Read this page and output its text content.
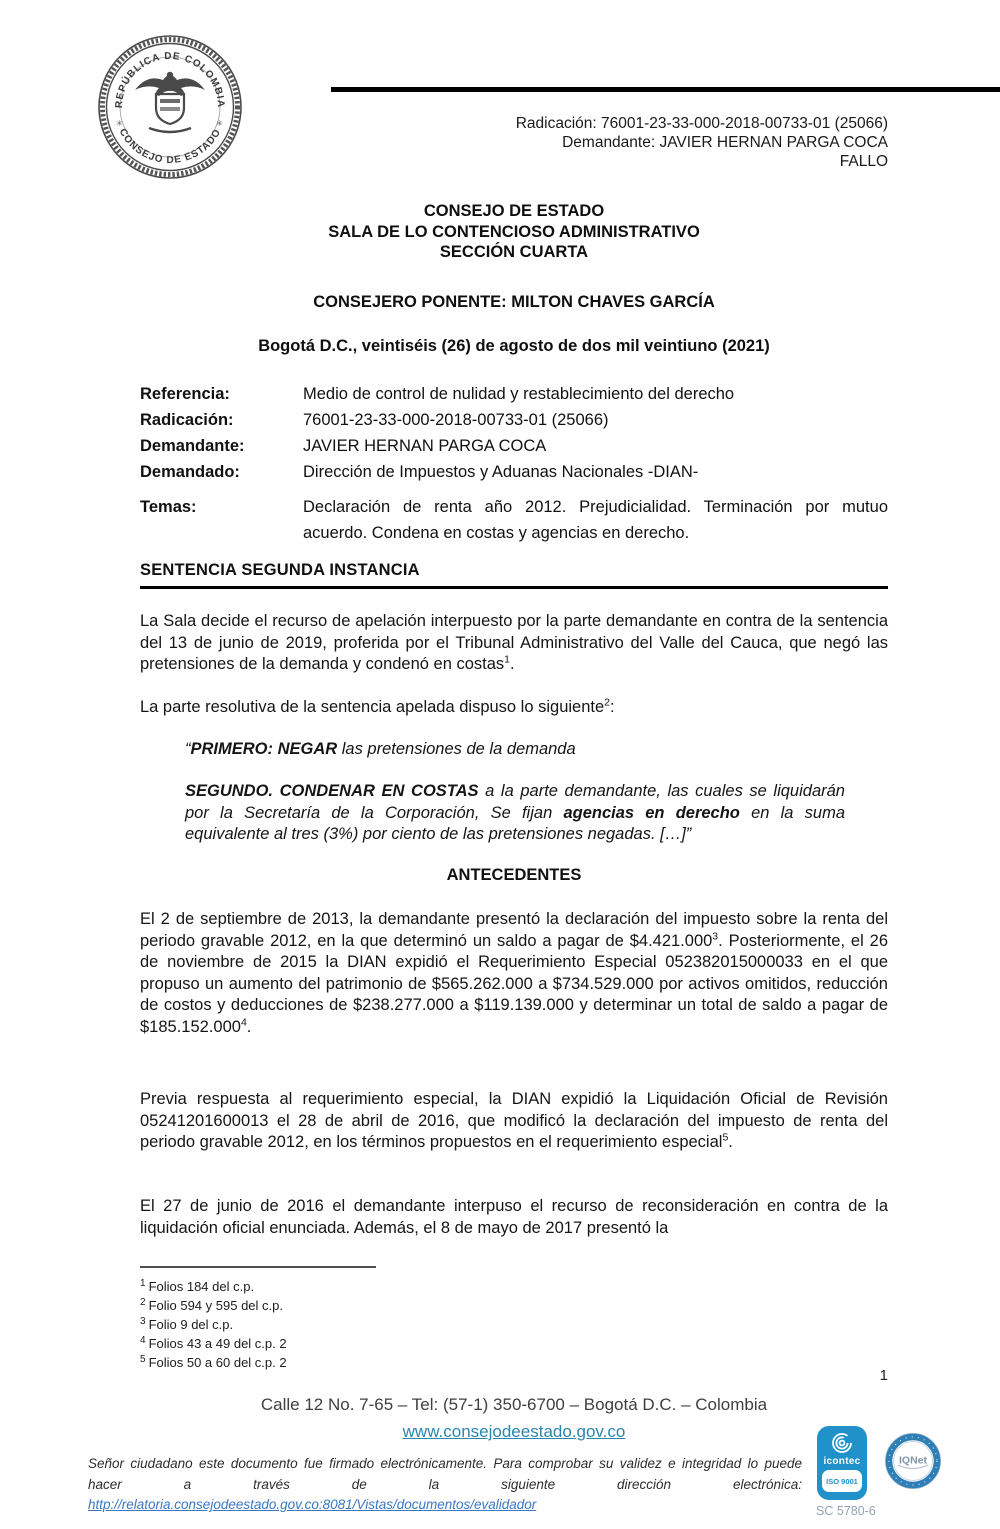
REPÚBLICA DE COLOMBIA
CONSEJO DE ESTADO
✳	✳	Radicación: 76001-23-33-000-2018-00733-01 (25066)
Demandante: JAVIER HERNAN PARGA COCA
FALLO
CONSEJO DE ESTADO
SALA DE LO CONTENCIOSO ADMINISTRATIVO
SECCIÓN CUARTA
CONSEJERO PONENTE: MILTON CHAVES GARCÍA
Bogotá D.C., veintiséis (26) de agosto de dos mil veintiuno (2021)
Referencia:	Medio de control de nulidad y restablecimiento del derecho
Radicación:	76001-23-33-000-2018-00733-01 (25066)
Demandante:	JAVIER HERNAN PARGA COCA
Demandado:	Dirección de Impuestos y Aduanas Nacionales -DIAN-
Temas:	Declaración de renta año 2012. Prejudicialidad. Terminación por mutuo acuerdo. Condena en costas y agencias en derecho.
SENTENCIA SEGUNDA INSTANCIA
La Sala decide el recurso de apelación interpuesto por la parte demandante en contra de la sentencia del 13 de junio de 2019, proferida por el Tribunal Administrativo del Valle del Cauca, que negó las pretensiones de la demanda y condenó en costas$^1$.
La parte resolutiva de la sentencia apelada dispuso lo siguiente$^2$:
“PRIMERO: NEGAR las pretensiones de la demanda
SEGUNDO. CONDENAR EN COSTAS a la parte demandante, las cuales se liquidarán por la Secretaría de la Corporación, Se fijan agencias en derecho en la suma equivalente al tres (3%) por ciento de las pretensiones negadas. […]”
ANTECEDENTES
El 2 de septiembre de 2013, la demandante presentó la declaración del impuesto sobre la renta del periodo gravable 2012, en la que determinó un saldo a pagar de $4.421.000$^3$. Posteriormente, el 26 de noviembre de 2015 la DIAN expidió el Requerimiento Especial 052382015000033 en el que propuso un aumento del patrimonio de $565.262.000 a $734.529.000 por activos omitidos, reducción de costos y deducciones de $238.277.000 a $119.139.000 y determinar un total de saldo a pagar de $185.152.000$^4$.
Previa respuesta al requerimiento especial, la DIAN expidió la Liquidación Oficial de Revisión 05241201600013 el 28 de abril de 2016, que modificó la declaración del impuesto de renta del periodo gravable 2012, en los términos propuestos en el requerimiento especial$^5$.
El 27 de junio de 2016 el demandante interpuso el recurso de reconsideración en contra de la liquidación oficial enunciada. Además, el 8 de mayo de 2017 presentó la
$^1$ Folios 184 del c.p.
$^2$ Folio 594 y 595 del c.p.
$^3$ Folio 9 del c.p.
$^4$ Folios 43 a 49 del c.p. 2
$^5$ Folios 50 a 60 del c.p. 2
1
Calle 12 No. 7-65 – Tel: (57-1) 350-6700 – Bogotá D.C. – Colombia
www.consejodeestado.gov.co
Señor ciudadano este documento fue firmado electrónicamente. Para comprobar su validez e integridad lo puede hacer a través de la siguiente dirección electrónica: http://relatoria.consejodeestado.gov.co:8081/Vistas/documentos/evalidador
icontec
ISO 9001
IQNet
SC 5780-6
